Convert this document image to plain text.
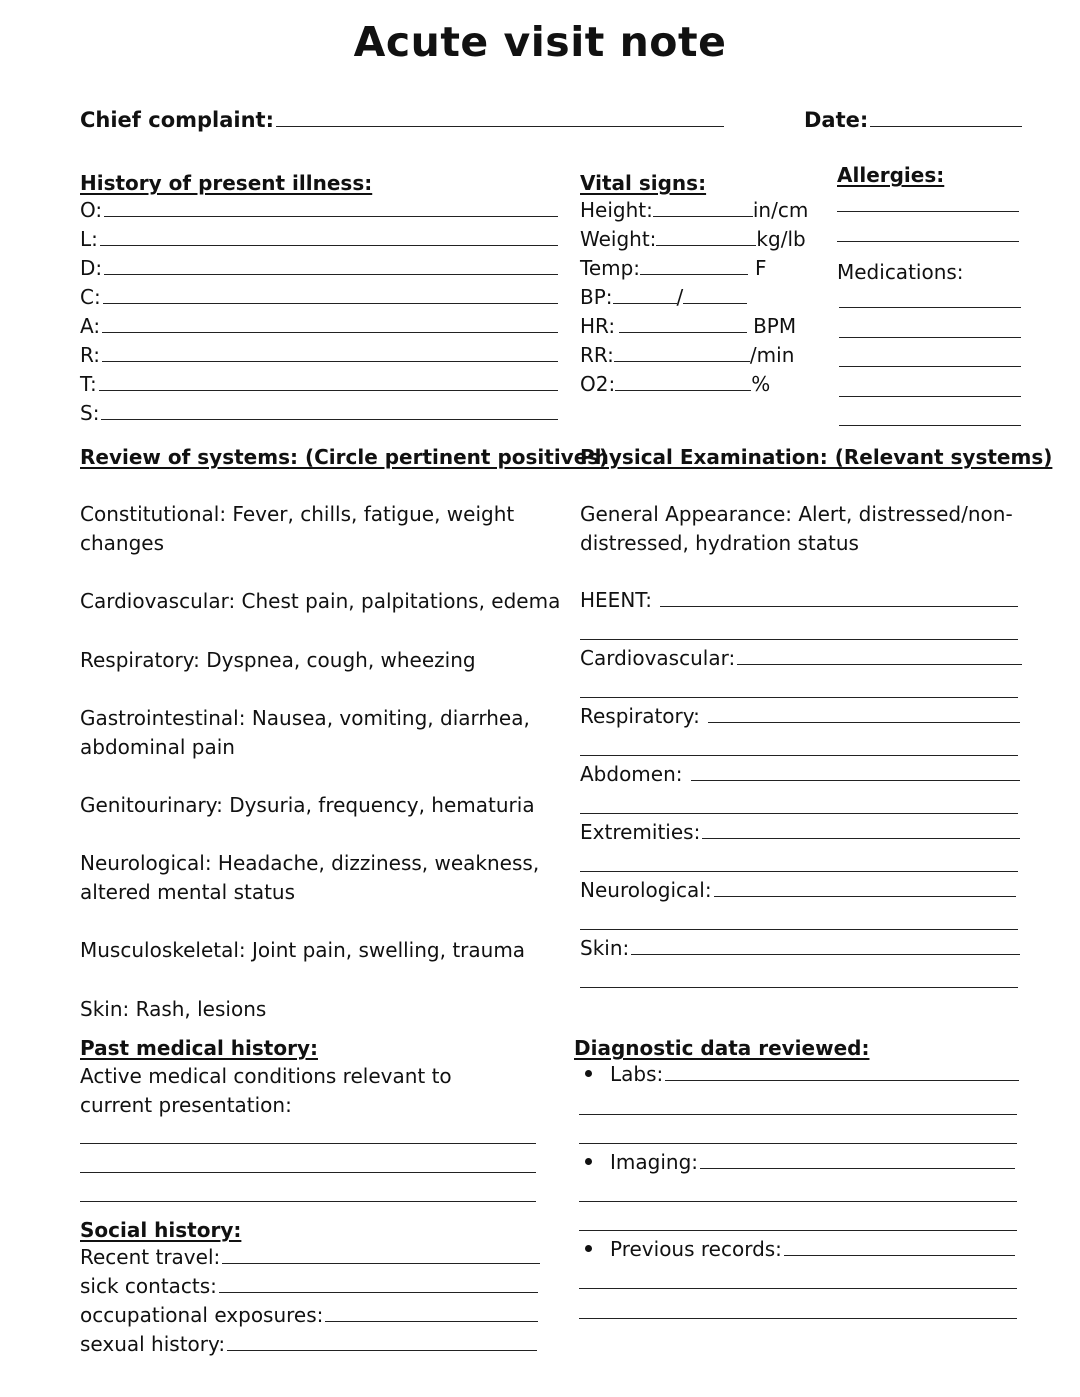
Acute visit note
Chief complaint:	Date:
History of present illness:
O:
L:
D:
C:
A:
R:
T:
S:
Vital signs:
Height:	in/cm
Weight:	kg/lb
Temp:	F
BP:	/
HR:	BPM
RR:	/min
O2:	%
Allergies:
Medications:
Review of systems: (Circle pertinent positives)
Constitutional: Fever, chills, fatigue, weight changes
Cardiovascular: Chest pain, palpitations, edema
Respiratory: Dyspnea, cough, wheezing
Gastrointestinal: Nausea, vomiting, diarrhea, abdominal pain
Genitourinary: Dysuria, frequency, hematuria
Neurological: Headache, dizziness, weakness, altered mental status
Musculoskeletal: Joint pain, swelling, trauma
Skin: Rash, lesions
Physical Examination: (Relevant systems)
General Appearance: Alert, distressed/non-distressed, hydration status
HEENT:
Cardiovascular:
Respiratory:
Abdomen:
Extremities:
Neurological:
Skin:
Past medical history:
Active medical conditions relevant to current presentation:
Social history:
Recent travel:
sick contacts:
occupational exposures:
sexual history:
Diagnostic data reviewed:
Labs:
Imaging:
Previous records:
